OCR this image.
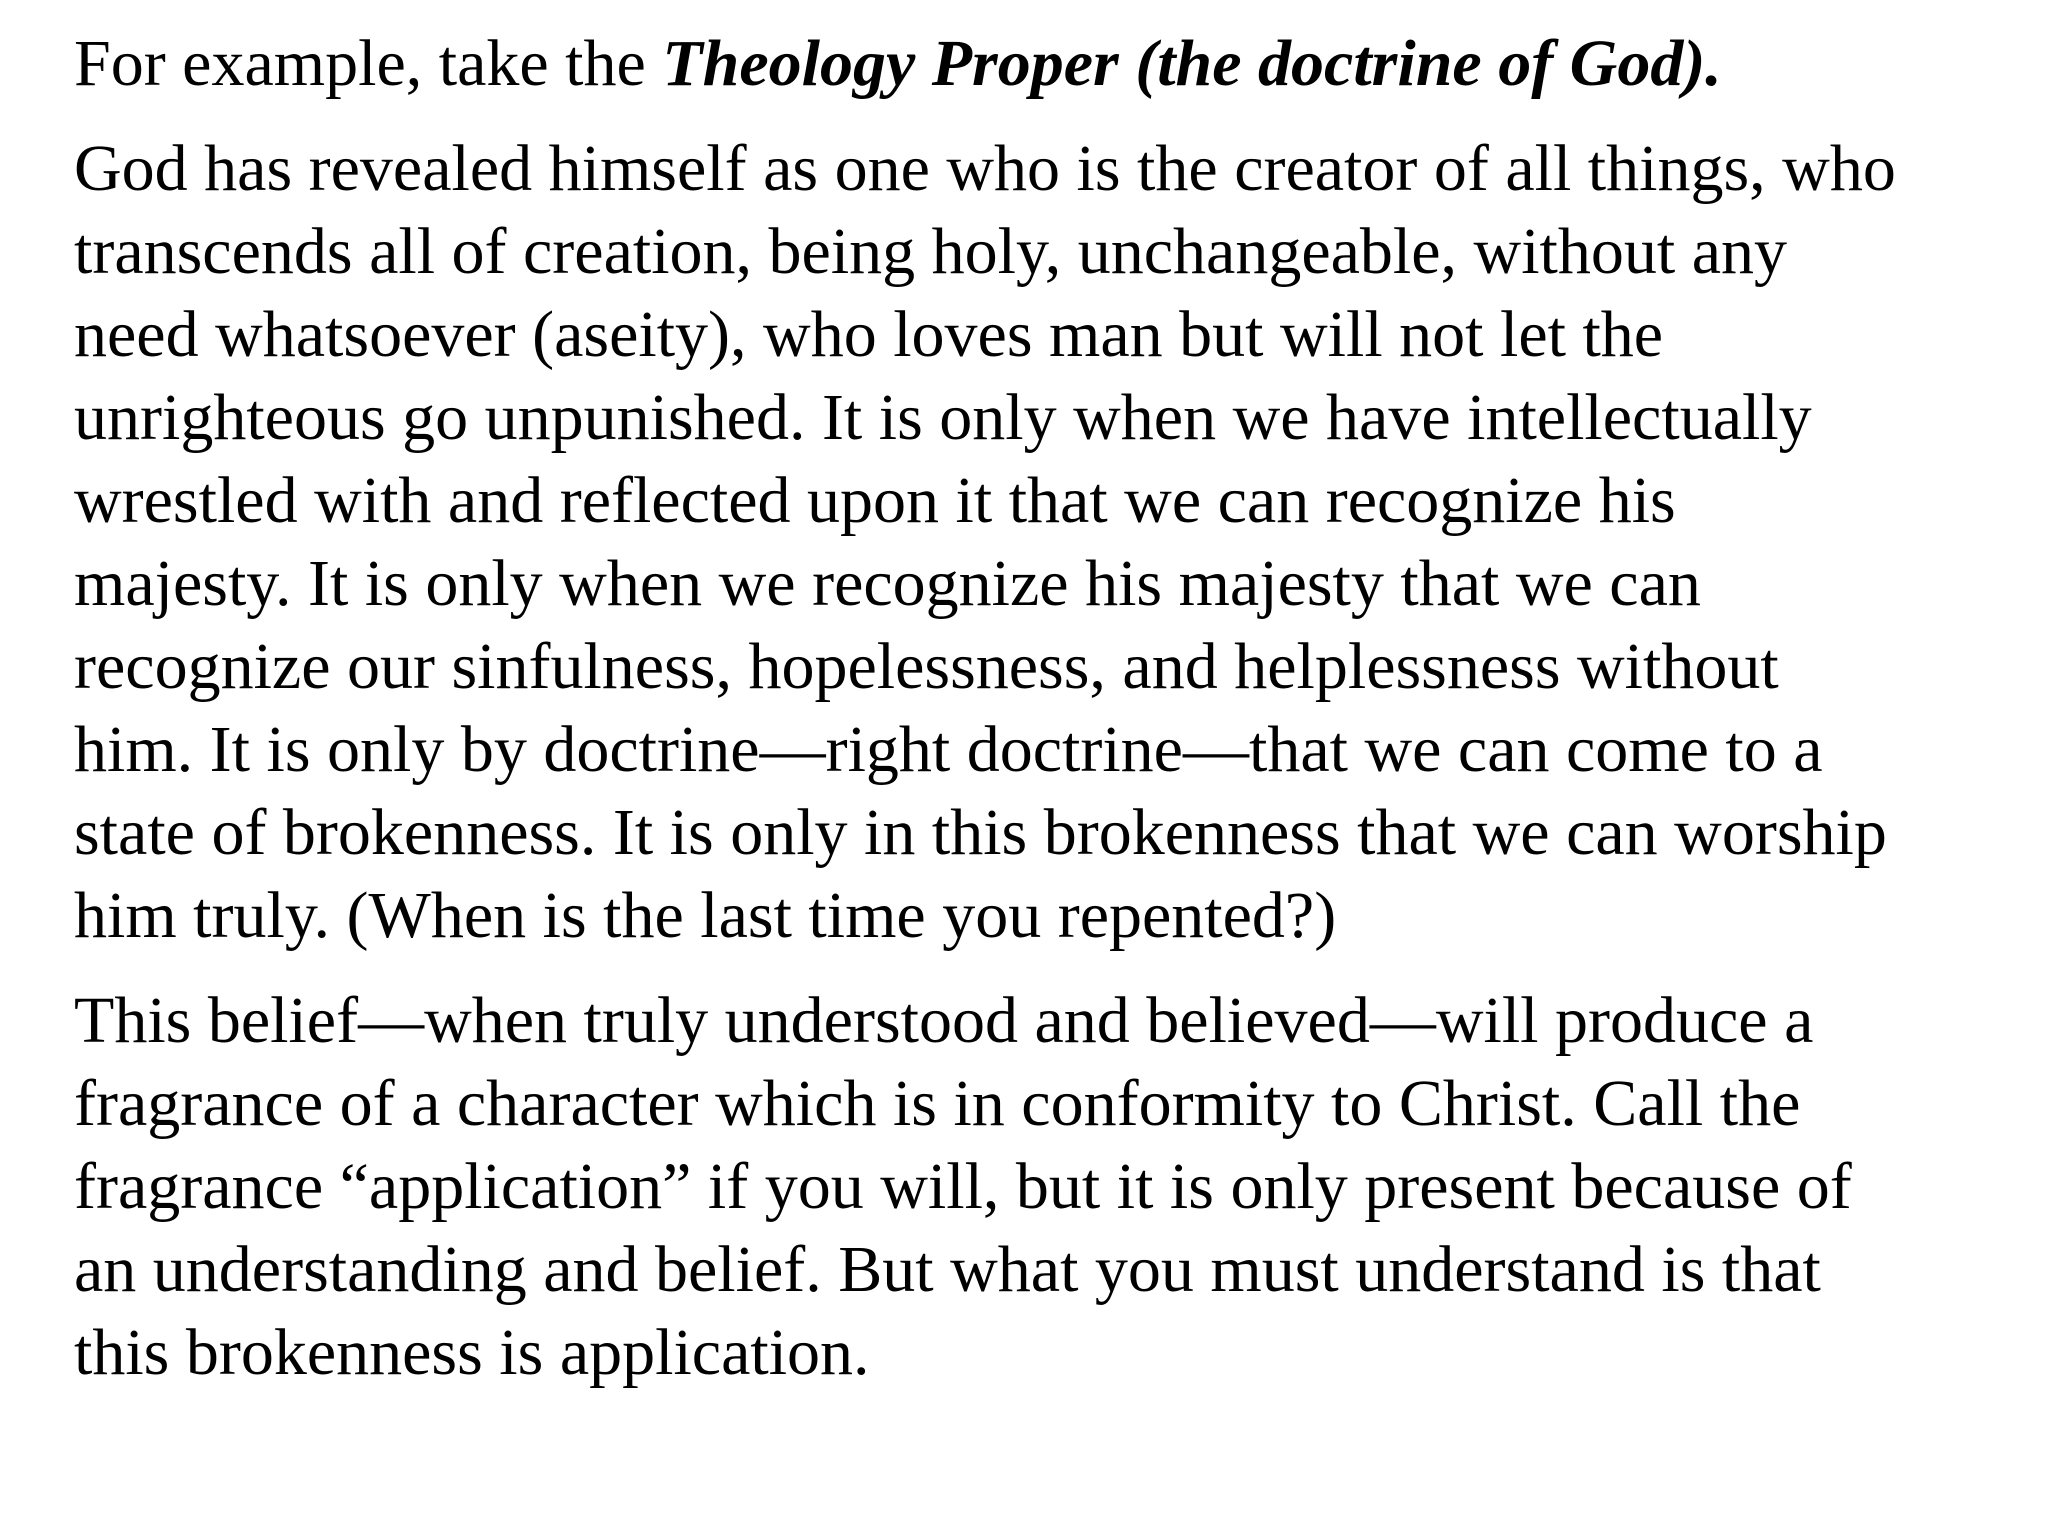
For example, take the Theology Proper (the doctrine of God).

God has revealed himself as one who is the creator of all things, who
transcends all of creation, being holy, unchangeable, without any
need whatsoever (aseity), who loves man but will not let the
unrighteous go unpunished. It is only when we have intellectually
wrestled with and reflected upon it that we can recognize his
majesty. It is only when we recognize his majesty that we can
recognize our sinfulness, hopelessness, and helplessness without
him. It is only by doctrine—right doctrine—that we can come to a
state of brokenness. It is only in this brokenness that we can worship
him truly. (When is the last time you repented?)

This belief—when truly understood and believed—will produce a
fragrance of a character which is in conformity to Christ. Call the
fragrance “application” if you will, but it is only present because of
an understanding and belief. But what you must understand is that
this brokenness is application.
